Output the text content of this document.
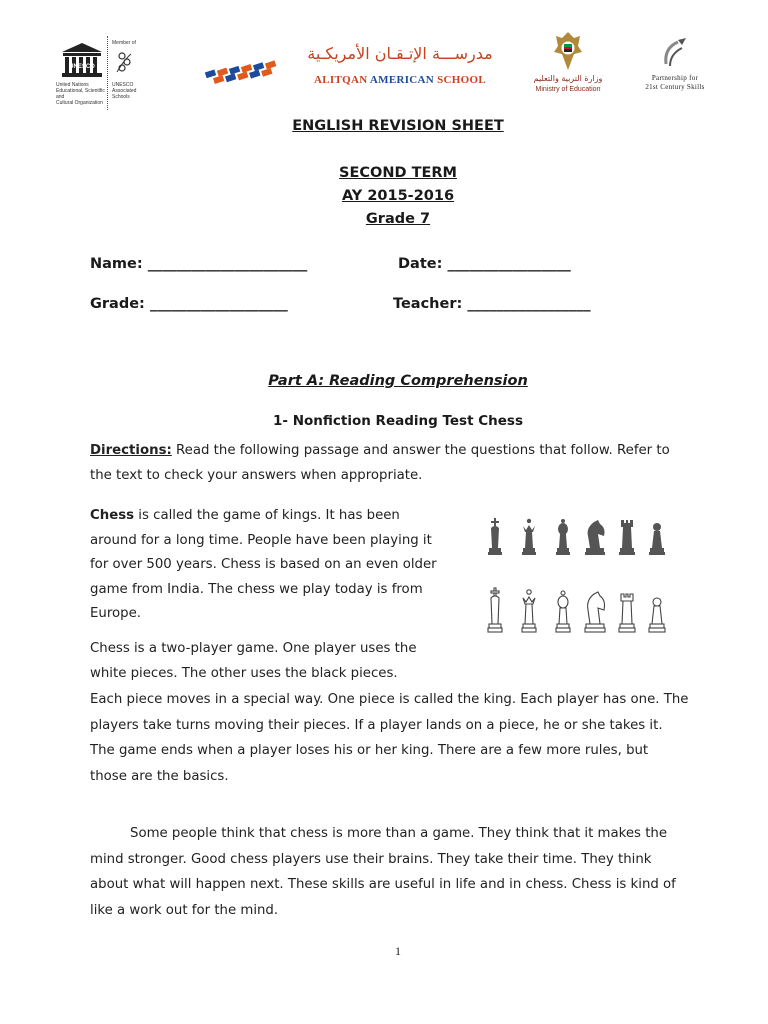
UNESCO
Member of
United Nations
Educational, Scientific and
Cultural Organization
UNESCO
Associated
Schools
مدرســـة الإتـقـان الأمريكـية
ALITQAN AMERICAN SCHOOL	وزارة التربية والتعليم
Ministry of Education
Partnership for
21st Century Skills
ENGLISH REVISION SHEET
SECOND TERM
AY 2015-2016
Grade 7
Name: ______________________	Date: _________________
Grade: ___________________	Teacher: _________________
Part A: Reading Comprehension
1- Nonfiction Reading Test Chess
Directions: Read the following passage and answer the questions that follow. Refer to
the text to check your answers when appropriate.
Chess is called the game of kings. It has been
around for a long time. People have been playing it
for over 500 years. Chess is based on an even older
game from India. The chess we play today is from
Europe.
Chess is a two-player game. One player uses the
white pieces. The other uses the black pieces.
Each piece moves in a special way. One piece is called the king. Each player has one. The
players take turns moving their pieces. If a player lands on a piece, he or she takes it.
The game ends when a player loses his or her king. There are a few more rules, but
those are the basics.
Some people think that chess is more than a game. They think that it makes the
mind stronger. Good chess players use their brains. They take their time. They think
about what will happen next. These skills are useful in life and in chess. Chess is kind of
like a work out for the mind.
1
